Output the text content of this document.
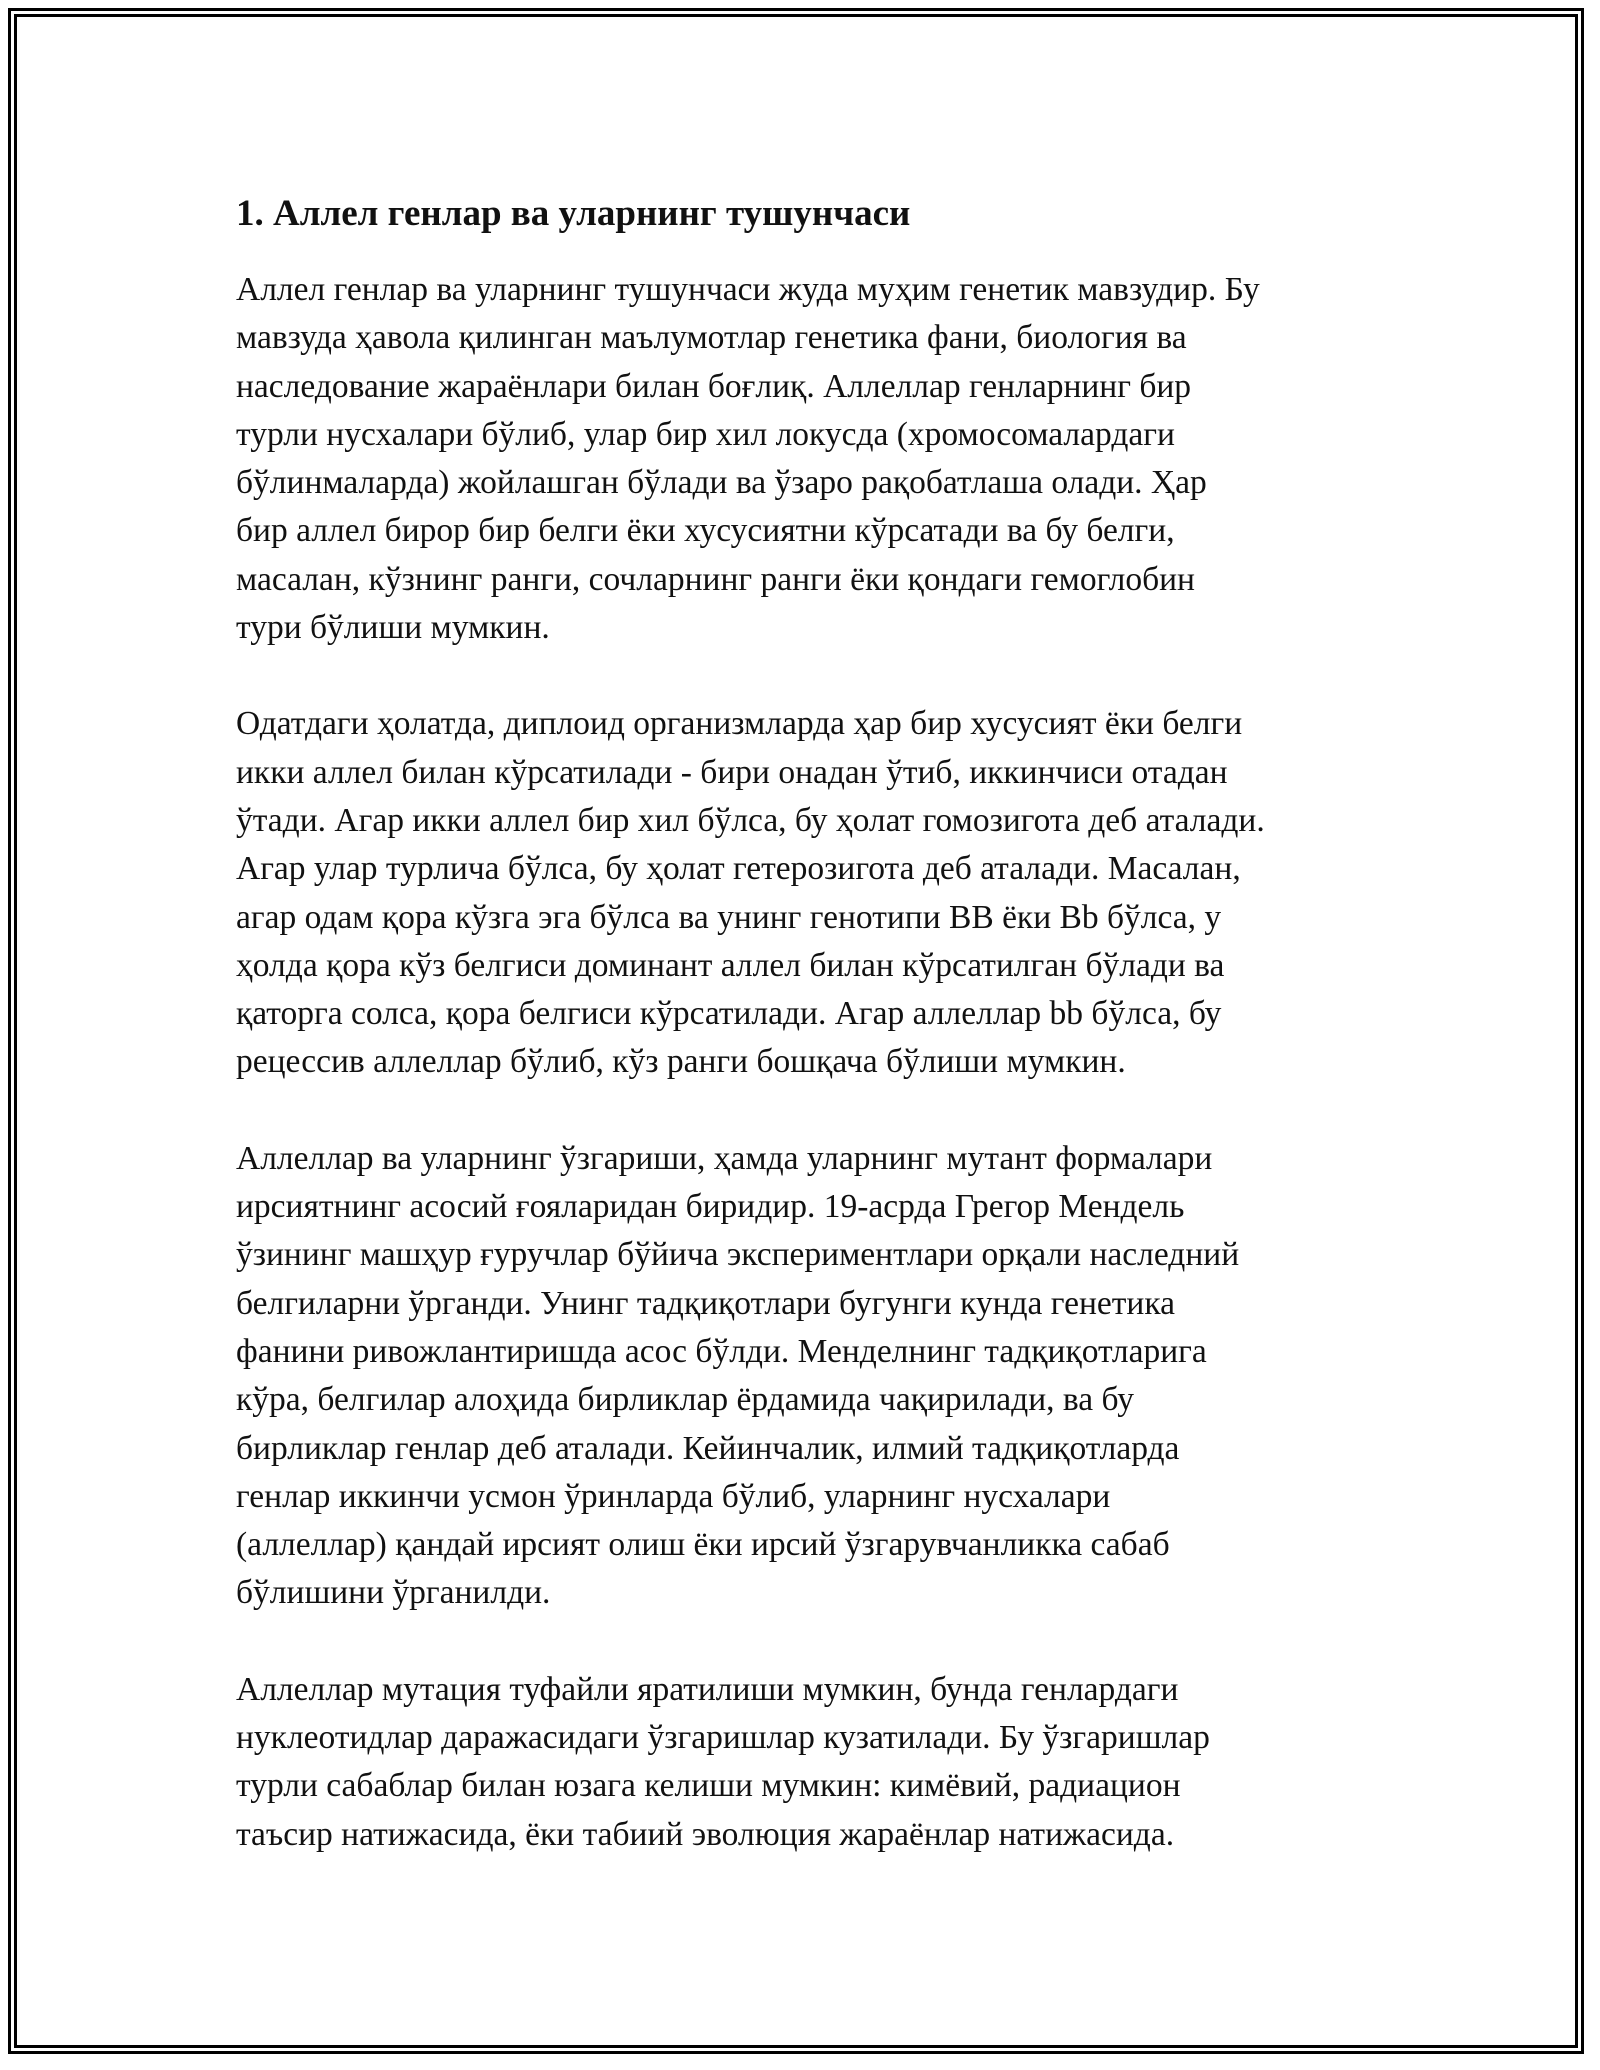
1. Аллел генлар ва уларнинг тушунчаси

Аллел генлар ва уларнинг тушунчаси жуда муҳим генетик мавзудир. Бу
мавзуда ҳавола қилинган маълумотлар генетика фани, биология ва
наследование жараёнлари билан боғлиқ. Аллеллар генларнинг бир
турли нусхалари бўлиб, улар бир хил локусда (хромосомалардаги
бўлинмаларда) жойлашган бўлади ва ўзаро рақобатлаша олади. Ҳар
бир аллел бирор бир белги ёки хусусиятни кўрсатади ва бу белги,
масалан, кўзнинг ранги, сочларнинг ранги ёки қондаги гемоглобин
тури бўлиши мумкин.

Одатдаги ҳолатда, диплоид организмларда ҳар бир хусусият ёки белги
икки аллел билан кўрсатилади - бири онадан ўтиб, иккинчиси отадан
ўтади. Агар икки аллел бир хил бўлса, бу ҳолат гомозигота деб аталади.
Агар улар турлича бўлса, бу ҳолат гетерозигота деб аталади. Масалан,
агар одам қора кўзга эга бўлса ва унинг генотипи BB ёки Bb бўлса, у
ҳолда қора кўз белгиси доминант аллел билан кўрсатилган бўлади ва
қаторга солса, қора белгиси кўрсатилади. Агар аллеллар bb бўлса, бу
рецессив аллеллар бўлиб, кўз ранги бошқача бўлиши мумкин.

Аллеллар ва уларнинг ўзгариши, ҳамда уларнинг мутант формалари
ирсиятнинг асосий ғояларидан биридир. 19-асрда Грегор Мендель
ўзининг машҳур ғуручлар бўйича экспериментлари орқали наследний
белгиларни ўрганди. Унинг тадқиқотлари бугунги кунда генетика
фанини ривожлантиришда асос бўлди. Менделнинг тадқиқотларига
кўра, белгилар алоҳида бирликлар ёрдамида чақирилади, ва бу
бирликлар генлар деб аталади. Кейинчалик, илмий тадқиқотларда
генлар иккинчи усмон ўринларда бўлиб, уларнинг нусхалари
(аллеллар) қандай ирсият олиш ёки ирсий ўзгарувчанликка сабаб
бўлишини ўрганилди.

Аллеллар мутация туфайли яратилиши мумкин, бунда генлардаги
нуклеотидлар даражасидаги ўзгаришлар кузатилади. Бу ўзгаришлар
турли сабаблар билан юзага келиши мумкин: кимёвий, радиацион
таъсир натижасида, ёки табиий эволюция жараёнлар натижасида.
